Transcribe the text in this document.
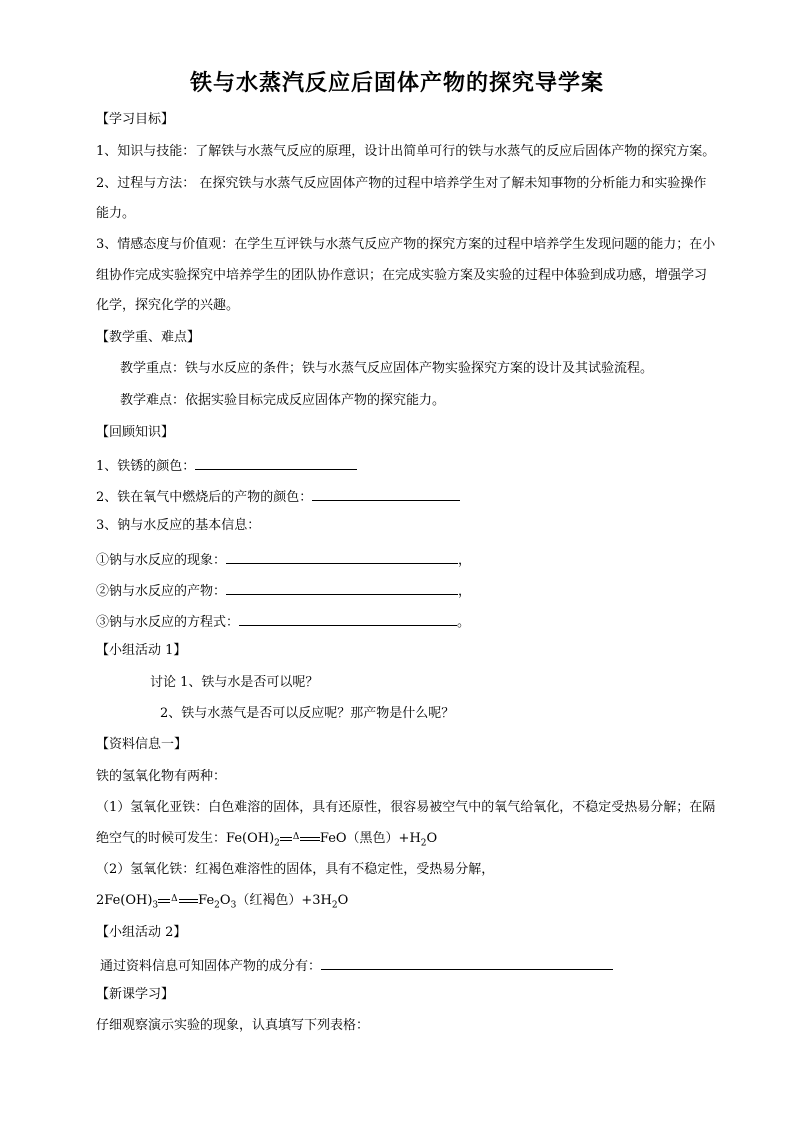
铁与水蒸汽反应后固体产物的探究导学案
【学习目标】
1、知识与技能：了解铁与水蒸气反应的原理，设计出简单可行的铁与水蒸气的反应后固体产物的探究方案。
2、过程与方法： 在探究铁与水蒸气反应固体产物的过程中培养学生对了解未知事物的分析能力和实验操作
能力。
3、情感态度与价值观：在学生互评铁与水蒸气反应产物的探究方案的过程中培养学生发现问题的能力；在小
组协作完成实验探究中培养学生的团队协作意识；在完成实验方案及实验的过程中体验到成功感，增强学习
化学，探究化学的兴趣。
【教学重、难点】
教学重点：铁与水反应的条件；铁与水蒸气反应固体产物实验探究方案的设计及其试验流程。
教学难点：依据实验目标完成反应固体产物的探究能力。
【回顾知识】
1、铁锈的颜色：
2、铁在氧气中燃烧后的产物的颜色：
3、钠与水反应的基本信息：
①钠与水反应的现象：	，
②钠与水反应的产物：	，
③钠与水反应的方程式：	。
【小组活动 1】
讨论 1、铁与水是否可以呢？
2、铁与水蒸气是否可以反应呢？那产物是什么呢？
【资料信息一】
铁的氢氧化物有两种：
（1）氢氧化亚铁：白色难溶的固体，具有还原性，很容易被空气中的氧气给氧化，不稳定受热易分解；在隔
绝空气的时候可发生：$Fe(OH)_2$
Δ FeO（黑色）$+H_2O$
（2）氢氧化铁：红褐色难溶性的固体，具有不稳定性，受热易分解，
$2Fe(OH)_3$
Δ $Fe_2O_3$（红褐色）$+3H_2O$
【小组活动 2】
通过资料信息可知固体产物的成分有：
【新课学习】
仔细观察演示实验的现象，认真填写下列表格：
